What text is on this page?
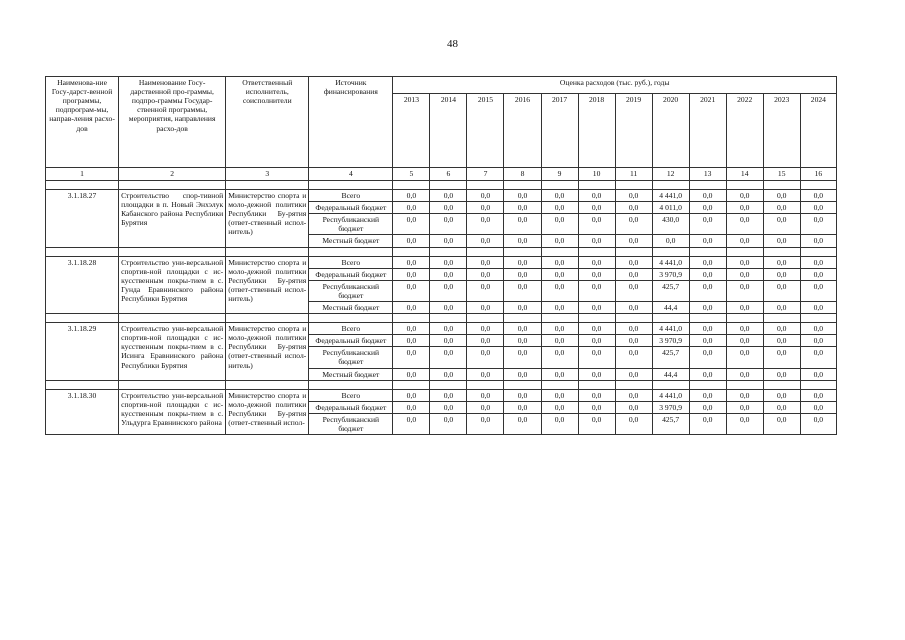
48
Наименова-ние Госу-дарст-венной программы, подпрограм-мы, направ-ления расхо-дов	Наименование Госу-дарственной про-граммы, подпро-граммы Государ-ственной программы, мероприятия, направления расхо-дов	Ответственный исполнитель, соисполнители	Источник финансирования	Оценка расходов (тыс. руб.), годы											
				2013	2014	2015	2016	2017	2018	2019	2020	2021	2022	2023	2024
1	2	3	4	5	6	7	8	9	10	11	12	13	14	15	16

3.1.18.27	Строительство спор-тивной площадки в п. Новый Энхэлук Кабанского района Республики Бурятия	Министерство спорта и моло-дежной политики Республики Бу-рятия (ответ-ственный испол-нитель)	Всего	0,0	0,0	0,0	0,0	0,0	0,0	0,0	4 441,0	0,0	0,0	0,0	0,0
			Федеральный бюджет	0,0	0,0	0,0	0,0	0,0	0,0	0,0	4 011,0	0,0	0,0	0,0	0,0
			Республиканский бюджет	0,0	0,0	0,0	0,0	0,0	0,0	0,0	430,0	0,0	0,0	0,0	0,0
			Местный бюджет	0,0	0,0	0,0	0,0	0,0	0,0	0,0	0,0	0,0	0,0	0,0	0,0

3.1.18.28	Строительство уни-версальной спортив-ной площадки с ис-кусственным покры-тием в с. Гунда Еравнинского района Республики Бурятия	Министерство спорта и моло-дежной политики Республики Бу-рятия (ответ-ственный испол-нитель)	Всего	0,0	0,0	0,0	0,0	0,0	0,0	0,0	4 441,0	0,0	0,0	0,0	0,0
			Федеральный бюджет	0,0	0,0	0,0	0,0	0,0	0,0	0,0	3 970,9	0,0	0,0	0,0	0,0
			Республиканский бюджет	0,0	0,0	0,0	0,0	0,0	0,0	0,0	425,7	0,0	0,0	0,0	0,0
			Местный бюджет	0,0	0,0	0,0	0,0	0,0	0,0	0,0	44,4	0,0	0,0	0,0	0,0

3.1.18.29	Строительство уни-версальной спортив-ной площадки с ис-кусственным покры-тием в с. Исинга Еравнинского района Республики Бурятия	Министерство спорта и моло-дежной политики Республики Бу-рятия (ответ-ственный испол-нитель)	Всего	0,0	0,0	0,0	0,0	0,0	0,0	0,0	4 441,0	0,0	0,0	0,0	0,0
			Федеральный бюджет	0,0	0,0	0,0	0,0	0,0	0,0	0,0	3 970,9	0,0	0,0	0,0	0,0
			Республиканский бюджет	0,0	0,0	0,0	0,0	0,0	0,0	0,0	425,7	0,0	0,0	0,0	0,0
			Местный бюджет	0,0	0,0	0,0	0,0	0,0	0,0	0,0	44,4	0,0	0,0	0,0	0,0

3.1.18.30	Строительство уни-версальной спортив-ной площадки с ис-кусственным покры-тием в с. Ульдурга Еравнинского района	Министерство спорта и моло-дежной политики Республики Бу-рятия (ответ-ственный испол-	Всего	0,0	0,0	0,0	0,0	0,0	0,0	0,0	4 441,0	0,0	0,0	0,0	0,0
			Федеральный бюджет	0,0	0,0	0,0	0,0	0,0	0,0	0,0	3 970,9	0,0	0,0	0,0	0,0
			Республиканский бюджет	0,0	0,0	0,0	0,0	0,0	0,0	0,0	425,7	0,0	0,0	0,0	0,0
